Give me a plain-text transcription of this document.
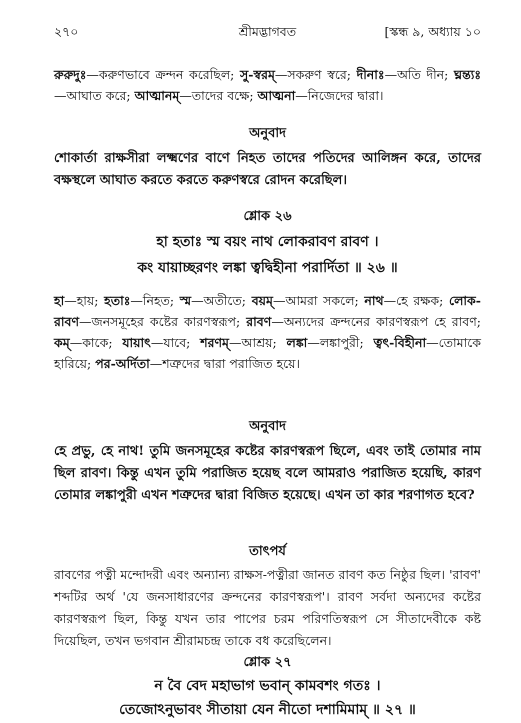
২৭০	শ্রীমদ্ভাগবত	[স্কন্ধ ৯, অধ্যায় ১০
রুরুদুঃ—করুণভাবে ক্রন্দন করেছিল; সু-স্বরম্—সকরুণ স্বরে; দীনাঃ—অতি দীন; ঘ্নন্ত্যঃ—আঘাত করে; আত্মানম্—তাদের বক্ষে; আত্মনা—নিজেদের দ্বারা।
অনুবাদ
শোকার্তা রাক্ষসীরা লক্ষ্মণের বাণে নিহত তাদের পতিদের আলিঙ্গন করে, তাদের বক্ষস্থলে আঘাত করতে করতে করুণস্বরে রোদন করেছিল।
শ্লোক ২৬
হা হতাঃ স্ম বয়ং নাথ লোকরাবণ রাবণ ।
কং যায়াচ্ছরণং লঙ্কা ত্বদ্বিহীনা পরার্দিতা ॥ ২৬ ॥
হা—হায়; হতাঃ—নিহত; স্ম—অতীতে; বয়ম্—আমরা সকলে; নাথ—হে রক্ষক; লোক-রাবণ—জনসমূহের কষ্টের কারণস্বরূপ; রাবণ—অন্যদের ক্রন্দনের কারণস্বরূপ হে রাবণ; কম্—কাকে; যায়াৎ—যাবে; শরণম্—আশ্রয়; লঙ্কা—লঙ্কাপুরী; ত্বৎ-বিহীনা—তোমাকে হারিয়ে; পর-অর্দিতা—শত্রুদের দ্বারা পরাজিত হয়ে।
অনুবাদ
হে প্রভু, হে নাথ! তুমি জনসমূহের কষ্টের কারণস্বরূপ ছিলে, এবং তাই তোমার নাম ছিল রাবণ। কিন্তু এখন তুমি পরাজিত হয়েছ বলে আমরাও পরাজিত হয়েছি, কারণ তোমার লঙ্কাপুরী এখন শত্রুদের দ্বারা বিজিত হয়েছে। এখন তা কার শরণাগত হবে?
তাৎপর্য
রাবণের পত্নী মন্দোদরী এবং অন্যান্য রাক্ষস-পত্নীরা জানত রাবণ কত নিষ্ঠুর ছিল। 'রাবণ' শব্দটির অর্থ 'যে জনসাধারণের ক্রন্দনের কারণস্বরূপ'। রাবণ সর্বদা অন্যদের কষ্টের কারণস্বরূপ ছিল, কিন্তু যখন তার পাপের চরম পরিণতিস্বরূপ সে সীতাদেবীকে কষ্ট দিয়েছিল, তখন ভগবান শ্রীরামচন্দ্র তাকে বধ করেছিলেন।
শ্লোক ২৭
ন বৈ বেদ মহাভাগ ভবান্ কামবশং গতঃ ।
তেজোঽনুভাবং সীতায়া যেন নীতো দশামিমাম্ ॥ ২৭ ॥
